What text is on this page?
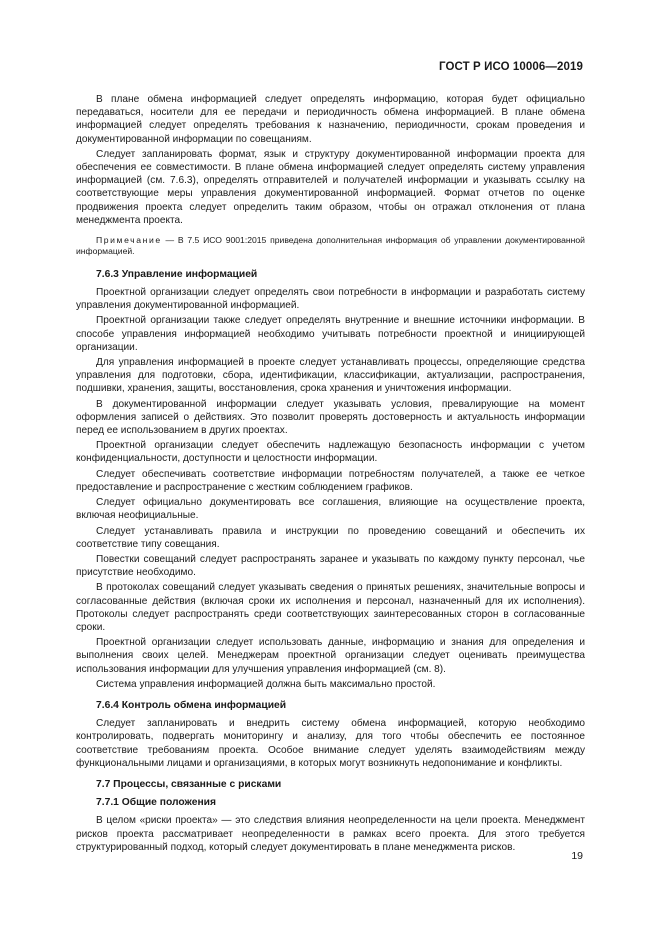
ГОСТ Р ИСО 10006—2019

В плане обмена информацией следует определять информацию, которая будет официально передаваться, носители для ее передачи и периодичность обмена информацией. В плане обмена информацией следует определять требования к назначению, периодичности, срокам проведения и документированной информации по совещаниям.

Следует запланировать формат, язык и структуру документированной информации проекта для обеспечения ее совместимости. В плане обмена информацией следует определять систему управления информацией (см. 7.6.3), определять отправителей и получателей информации и указывать ссылку на соответствующие меры управления документированной информацией. Формат отчетов по оценке продвижения проекта следует определить таким образом, чтобы он отражал отклонения от плана менеджмента проекта.

Примечание — В 7.5 ИСО 9001:2015 приведена дополнительная информация об управлении документированной информацией.

7.6.3 Управление информацией

Проектной организации следует определять свои потребности в информации и разработать систему управления документированной информацией.

Проектной организации также следует определять внутренние и внешние источники информации. В способе управления информацией необходимо учитывать потребности проектной и инициирующей организации.

Для управления информацией в проекте следует устанавливать процессы, определяющие средства управления для подготовки, сбора, идентификации, классификации, актуализации, распространения, подшивки, хранения, защиты, восстановления, срока хранения и уничтожения информации.

В документированной информации следует указывать условия, превалирующие на момент оформления записей о действиях. Это позволит проверять достоверность и актуальность информации перед ее использованием в других проектах.

Проектной организации следует обеспечить надлежащую безопасность информации с учетом конфиденциальности, доступности и целостности информации.

Следует обеспечивать соответствие информации потребностям получателей, а также ее четкое предоставление и распространение с жестким соблюдением графиков.

Следует официально документировать все соглашения, влияющие на осуществление проекта, включая неофициальные.

Следует устанавливать правила и инструкции по проведению совещаний и обеспечить их соответствие типу совещания.

Повестки совещаний следует распространять заранее и указывать по каждому пункту персонал, чье присутствие необходимо.

В протоколах совещаний следует указывать сведения о принятых решениях, значительные вопросы и согласованные действия (включая сроки их исполнения и персонал, назначенный для их исполнения). Протоколы следует распространять среди соответствующих заинтересованных сторон в согласованные сроки.

Проектной организации следует использовать данные, информацию и знания для определения и выполнения своих целей. Менеджерам проектной организации следует оценивать преимущества использования информации для улучшения управления информацией (см. 8).

Система управления информацией должна быть максимально простой.

7.6.4 Контроль обмена информацией

Следует запланировать и внедрить систему обмена информацией, которую необходимо контролировать, подвергать мониторингу и анализу, для того чтобы обеспечить ее постоянное соответствие требованиям проекта. Особое внимание следует уделять взаимодействиям между функциональными лицами и организациями, в которых могут возникнуть недопонимание и конфликты.

7.7 Процессы, связанные с рисками
7.7.1 Общие положения

В целом «риски проекта» — это следствия влияния неопределенности на цели проекта. Менеджмент рисков проекта рассматривает неопределенности в рамках всего проекта. Для этого требуется структурированный подход, который следует документировать в плане менеджмента рисков.

19
